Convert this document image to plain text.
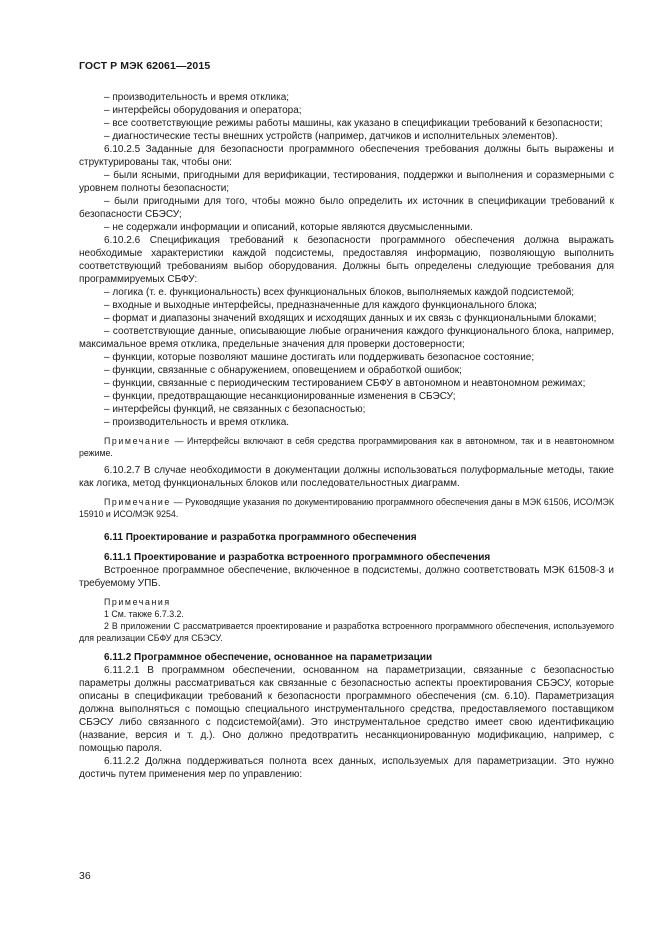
ГОСТ Р МЭК 62061—2015

– производительность и время отклика;

– интерфейсы оборудования и оператора;

– все соответствующие режимы работы машины, как указано в спецификации требований к безопасности;

– диагностические тесты внешних устройств (например, датчиков и исполнительных элементов).

6.10.2.5 Заданные для безопасности программного обеспечения требования должны быть выражены и структурированы так, чтобы они:

– были ясными, пригодными для верификации, тестирования, поддержки и выполнения и соразмерными с уровнем полноты безопасности;

– были пригодными для того, чтобы можно было определить их источник в спецификации требований к безопасности СБЭСУ;

– не содержали информации и описаний, которые являются двусмысленными.

6.10.2.6 Спецификация требований к безопасности программного обеспечения должна выражать необходимые характеристики каждой подсистемы, предоставляя информацию, позволяющую выполнить соответствующий требованиям выбор оборудования. Должны быть определены следующие требования для программируемых СБФУ:

– логика (т. е. функциональность) всех функциональных блоков, выполняемых каждой подсистемой;

– входные и выходные интерфейсы, предназначенные для каждого функционального блока;

– формат и диапазоны значений входящих и исходящих данных и их связь с функциональными блоками;

– соответствующие данные, описывающие любые ограничения каждого функционального блока, например, максимальное время отклика, предельные значения для проверки достоверности;

– функции, которые позволяют машине достигать или поддерживать безопасное состояние;

– функции, связанные с обнаружением, оповещением и обработкой ошибок;

– функции, связанные с периодическим тестированием СБФУ в автономном и неавтономном режимах;

– функции, предотвращающие несанкционированные изменения в СБЭСУ;

– интерфейсы функций, не связанных с безопасностью;

– производительность и время отклика.

Примечание — Интерфейсы включают в себя средства программирования как в автономном, так и в неавтономном режиме.

6.10.2.7 В случае необходимости в документации должны использоваться полуформальные методы, такие как логика, метод функциональных блоков или последовательностных диаграмм.

Примечание — Руководящие указания по документированию программного обеспечения даны в МЭК 61506, ИСО/МЭК 15910 и ИСО/МЭК 9254.

6.11 Проектирование и разработка программного обеспечения

6.11.1 Проектирование и разработка встроенного программного обеспечения

Встроенное программное обеспечение, включенное в подсистемы, должно соответствовать МЭК 61508-3 и требуемому УПБ.

Примечания

1 См. также 6.7.3.2.

2 В приложении С рассматривается проектирование и разработка встроенного программного обеспечения, используемого для реализации СБФУ для СБЭСУ.

6.11.2 Программное обеспечение, основанное на параметризации

6.11.2.1 В программном обеспечении, основанном на параметризации, связанные с безопасностью параметры должны рассматриваться как связанные с безопасностью аспекты проектирования СБЭСУ, которые описаны в спецификации требований к безопасности программного обеспечения (см. 6.10). Параметризация должна выполняться с помощью специального инструментального средства, предоставляемого поставщиком СБЭСУ либо связанного с подсистемой(ами). Это инструментальное средство имеет свою идентификацию (название, версия и т. д.). Оно должно предотвратить несанкционированную модификацию, например, с помощью пароля.

6.11.2.2 Должна поддерживаться полнота всех данных, используемых для параметризации. Это нужно достичь путем применения мер по управлению:

36
